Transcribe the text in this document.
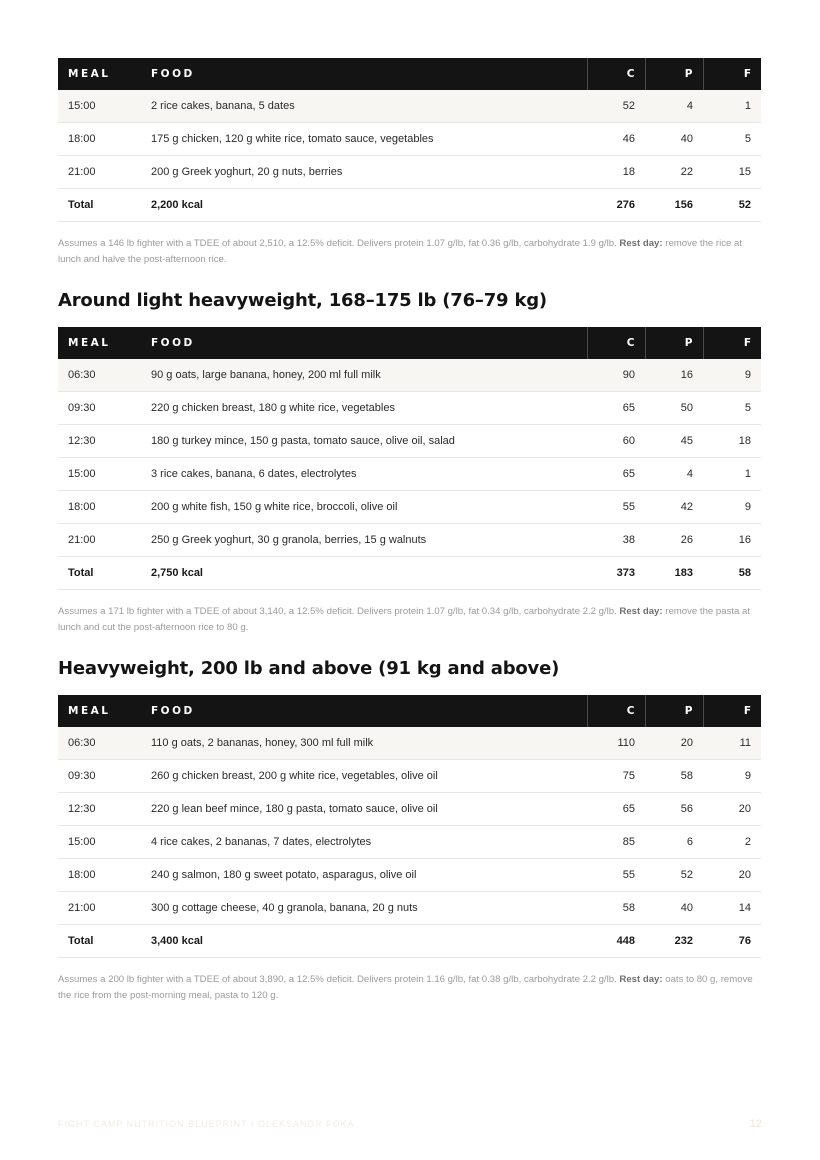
MEAL	FOOD	C	P	F
15:00	2 rice cakes, banana, 5 dates	52	4	1
18:00	175 g chicken, 120 g white rice, tomato sauce, vegetables	46	40	5
21:00	200 g Greek yoghurt, 20 g nuts, berries	18	22	15
Total	2,200 kcal	276	156	52

Assumes a 146 lb fighter with a TDEE of about 2,510, a 12.5% deficit. Delivers protein 1.07 g/lb, fat 0.36 g/lb, carbohydrate 1.9 g/lb. Rest day: remove the rice at lunch and halve the post-afternoon rice.

Around light heavyweight, 168–175 lb (76–79 kg)
MEAL	FOOD	C	P	F
06:30	90 g oats, large banana, honey, 200 ml full milk	90	16	9
09:30	220 g chicken breast, 180 g white rice, vegetables	65	50	5
12:30	180 g turkey mince, 150 g pasta, tomato sauce, olive oil, salad	60	45	18
15:00	3 rice cakes, banana, 6 dates, electrolytes	65	4	1
18:00	200 g white fish, 150 g white rice, broccoli, olive oil	55	42	9
21:00	250 g Greek yoghurt, 30 g granola, berries, 15 g walnuts	38	26	16
Total	2,750 kcal	373	183	58

Assumes a 171 lb fighter with a TDEE of about 3,140, a 12.5% deficit. Delivers protein 1.07 g/lb, fat 0.34 g/lb, carbohydrate 2.2 g/lb. Rest day: remove the pasta at lunch and cut the post-afternoon rice to 80 g.

Heavyweight, 200 lb and above (91 kg and above)
MEAL	FOOD	C	P	F
06:30	110 g oats, 2 bananas, honey, 300 ml full milk	110	20	11
09:30	260 g chicken breast, 200 g white rice, vegetables, olive oil	75	58	9
12:30	220 g lean beef mince, 180 g pasta, tomato sauce, olive oil	65	56	20
15:00	4 rice cakes, 2 bananas, 7 dates, electrolytes	85	6	2
18:00	240 g salmon, 180 g sweet potato, asparagus, olive oil	55	52	20
21:00	300 g cottage cheese, 40 g granola, banana, 20 g nuts	58	40	14
Total	3,400 kcal	448	232	76

Assumes a 200 lb fighter with a TDEE of about 3,890, a 12.5% deficit. Delivers protein 1.16 g/lb, fat 0.38 g/lb, carbohydrate 2.2 g/lb. Rest day: oats to 80 g, remove the rice from the post-morning meal, pasta to 120 g.

FIGHT CAMP NUTRITION BLUEPRINT / OLEKSANDR FOKA	12
